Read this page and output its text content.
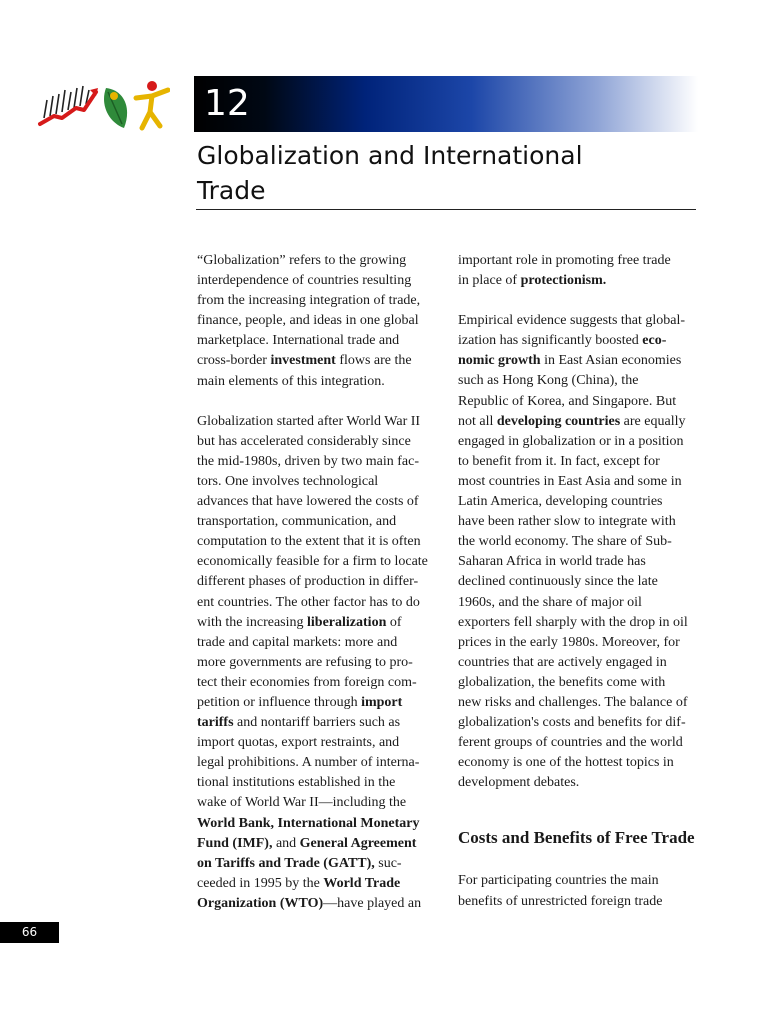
12
Globalization and International
Trade

“Globalization” refers to the growing
interdependence of countries resulting
from the increasing integration of trade,
finance, people, and ideas in one global
marketplace. International trade and
cross-border investment flows are the
main elements of this integration.

Globalization started after World War II
but has accelerated considerably since
the mid-1980s, driven by two main fac-
tors. One involves technological
advances that have lowered the costs of
transportation, communication, and
computation to the extent that it is often
economically feasible for a firm to locate
different phases of production in differ-
ent countries. The other factor has to do
with the increasing liberalization of
trade and capital markets: more and
more governments are refusing to pro-
tect their economies from foreign com-
petition or influence through import
tariffs and nontariff barriers such as
import quotas, export restraints, and
legal prohibitions. A number of interna-
tional institutions established in the
wake of World War II—including the
World Bank, International Monetary
Fund (IMF), and General Agreement
on Tariffs and Trade (GATT), suc-
ceeded in 1995 by the World Trade
Organization (WTO)—have played an

important role in promoting free trade
in place of protectionism.

Empirical evidence suggests that global-
ization has significantly boosted eco-
nomic growth in East Asian economies
such as Hong Kong (China), the
Republic of Korea, and Singapore. But
not all developing countries are equally
engaged in globalization or in a position
to benefit from it. In fact, except for
most countries in East Asia and some in
Latin America, developing countries
have been rather slow to integrate with
the world economy. The share of Sub-
Saharan Africa in world trade has
declined continuously since the late
1960s, and the share of major oil
exporters fell sharply with the drop in oil
prices in the early 1980s. Moreover, for
countries that are actively engaged in
globalization, the benefits come with
new risks and challenges. The balance of
globalization's costs and benefits for dif-
ferent groups of countries and the world
economy is one of the hottest topics in
development debates.

Costs and Benefits of Free Trade

For participating countries the main
benefits of unrestricted foreign trade

66
